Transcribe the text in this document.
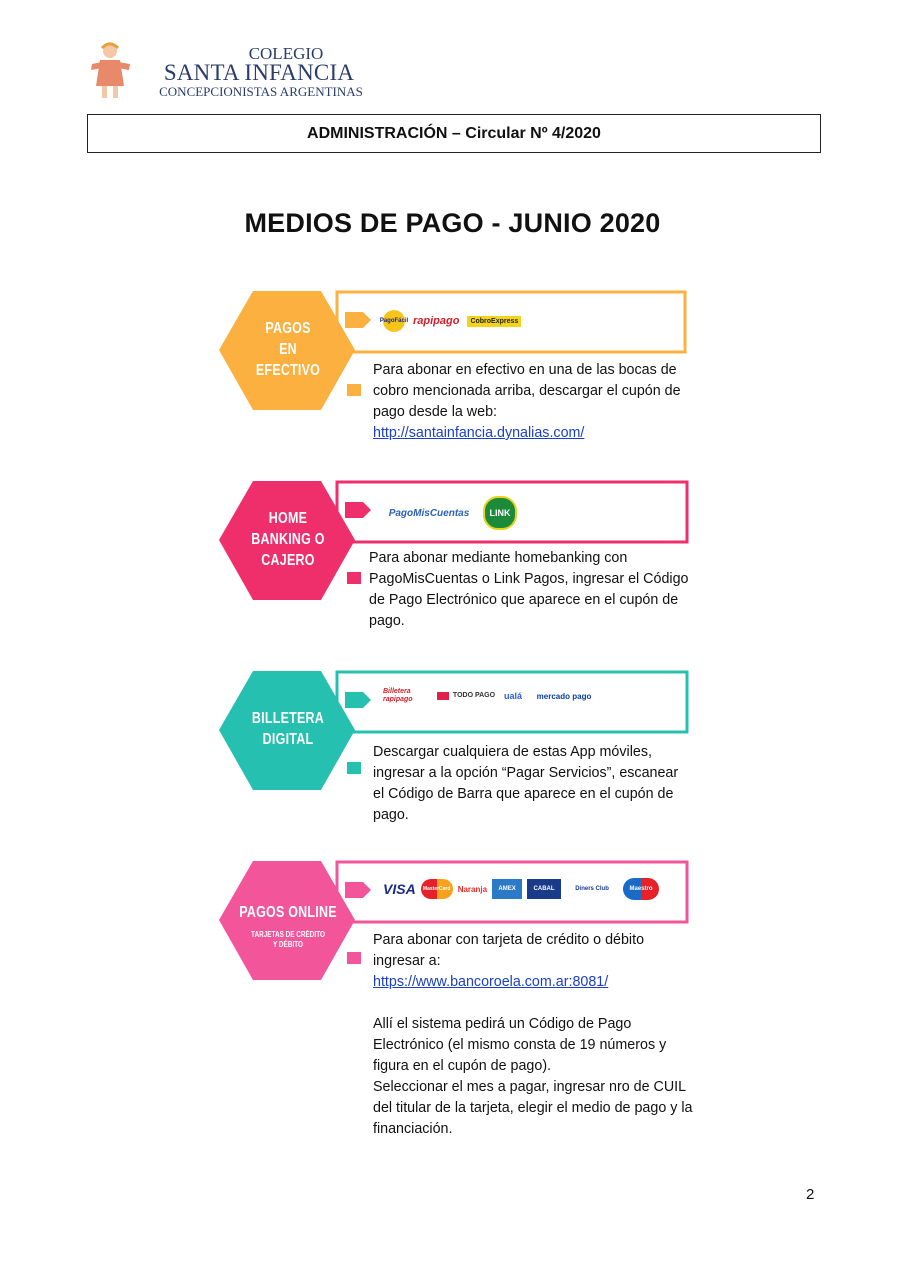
COLEGIO
SANTA INFANCIA
CONCEPCIONISTAS ARGENTINAS
ADMINISTRACIÓN – Circular Nº 4/2020
MEDIOS DE PAGO - JUNIO 2020
PAGOS
EN
EFECTIVO
PagoFácil rapipago	CobroExpress
Para abonar en efectivo en una de las bocas de cobro mencionada arriba, descargar el cupón de pago desde la web:
http://santainfancia.dynalias.com/
HOME
BANKING O
CAJERO
PagoMisCuentas	LINK
Para abonar mediante homebanking con PagoMisCuentas o Link Pagos, ingresar el Código de Pago Electrónico que aparece en el cupón de pago.
BILLETERA
DIGITAL
Billetera rapipago
TODO PAGO ualá	mercado pago
Descargar cualquiera de estas App móviles, ingresar a la opción “Pagar Servicios”, escanear el Código de Barra que aparece en el cupón de pago.
PAGOS ONLINE
TARJETAS DE CRÉDITO
Y DÉBITO
VISA	MasterCard Naranja	AMEX	CABAL	Diners Club	Maestro
Para abonar con tarjeta de crédito o débito ingresar a:
https://www.bancoroela.com.ar:8081/
Allí el sistema pedirá un Código de Pago Electrónico (el mismo consta de 19 números y figura en el cupón de pago).
Seleccionar el mes a pagar, ingresar nro de CUIL del titular de la tarjeta, elegir el medio de pago y la financiación.
2
